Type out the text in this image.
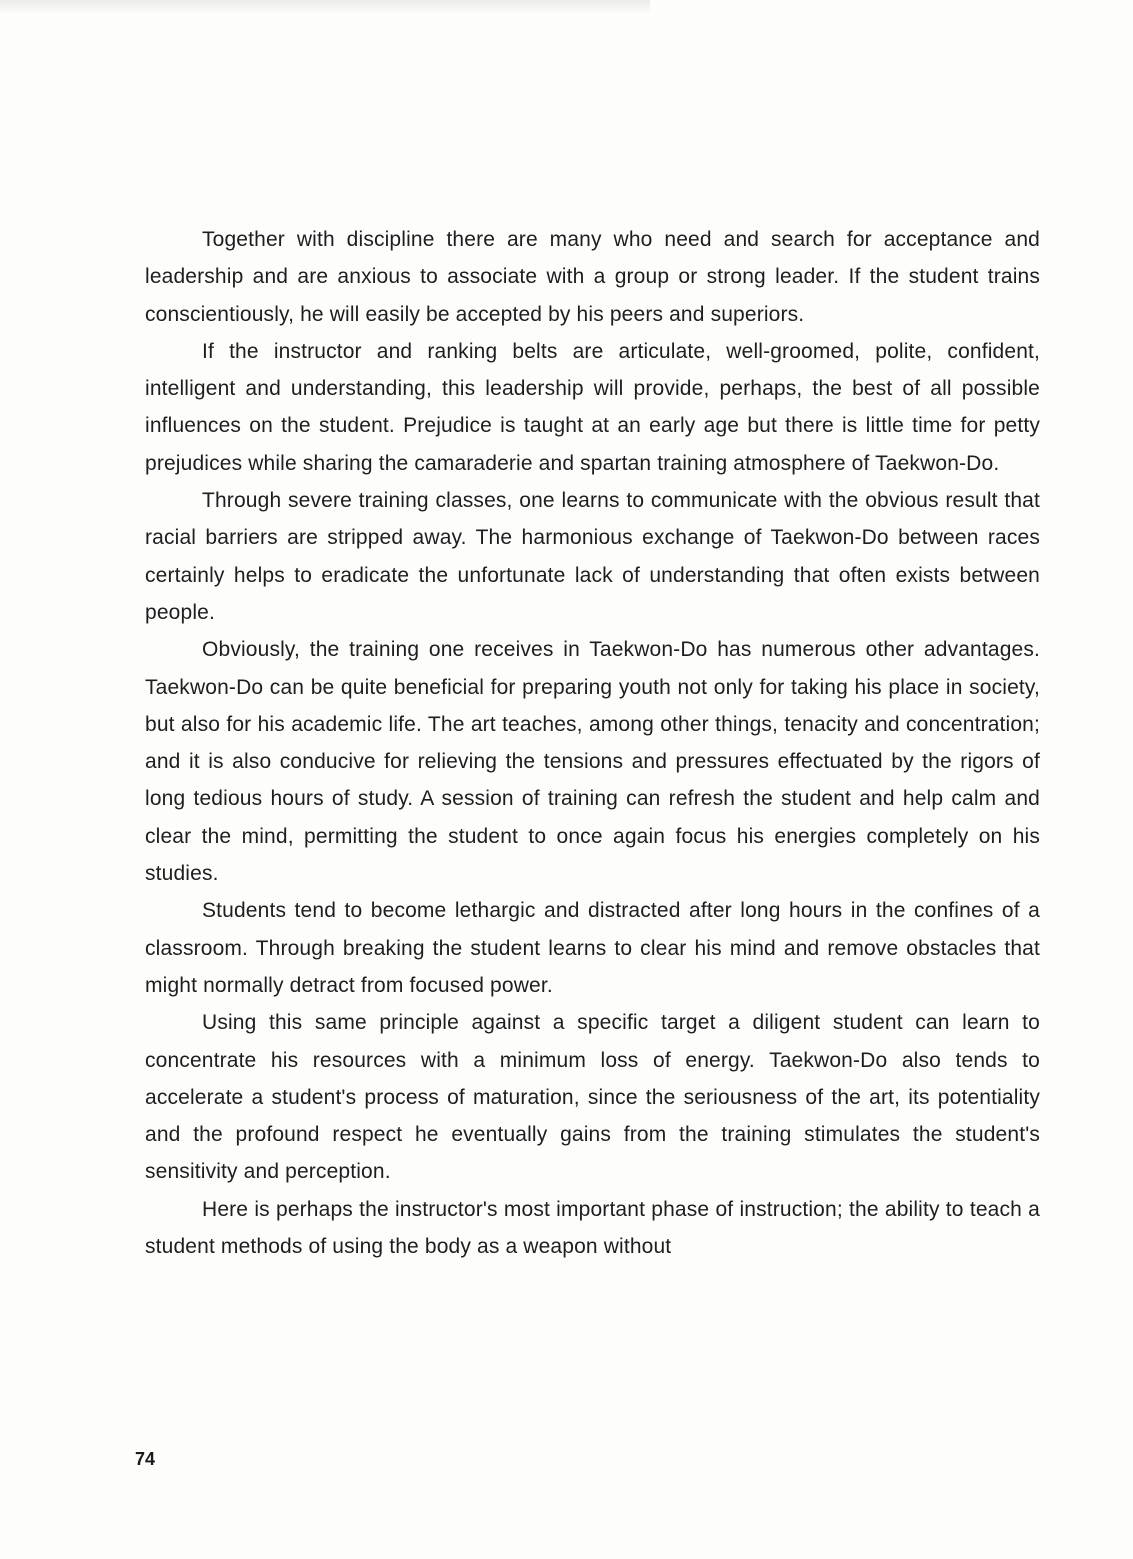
Together with discipline there are many who need and search for acceptance and leadership and are anxious to associate with a group or strong leader. If the student trains conscientiously, he will easily be accepted by his peers and superiors.

If the instructor and ranking belts are articulate, well-groomed, polite, confident, intelligent and understanding, this leadership will provide, perhaps, the best of all possible influences on the student. Prejudice is taught at an early age but there is little time for petty prejudices while sharing the camaraderie and spartan training atmosphere of Taekwon-Do.

Through severe training classes, one learns to communicate with the obvious result that racial barriers are stripped away. The harmonious exchange of Taekwon-Do between races certainly helps to eradicate the unfortunate lack of understanding that often exists between people.

Obviously, the training one receives in Taekwon-Do has numerous other advantages. Taekwon-Do can be quite beneficial for preparing youth not only for taking his place in society, but also for his academic life. The art teaches, among other things, tenacity and concentration; and it is also conducive for relieving the tensions and pressures effectuated by the rigors of long tedious hours of study. A session of training can refresh the student and help calm and clear the mind, permitting the student to once again focus his energies completely on his studies.

Students tend to become lethargic and distracted after long hours in the confines of a classroom. Through breaking the student learns to clear his mind and remove obstacles that might normally detract from focused power.

Using this same principle against a specific target a diligent student can learn to concentrate his resources with a minimum loss of energy. Taekwon-Do also tends to accelerate a student's process of maturation, since the seriousness of the art, its potentiality and the profound respect he eventually gains from the training stimulates the student's sensitivity and perception.

Here is perhaps the instructor's most important phase of instruction; the ability to teach a student methods of using the body as a weapon without

74
